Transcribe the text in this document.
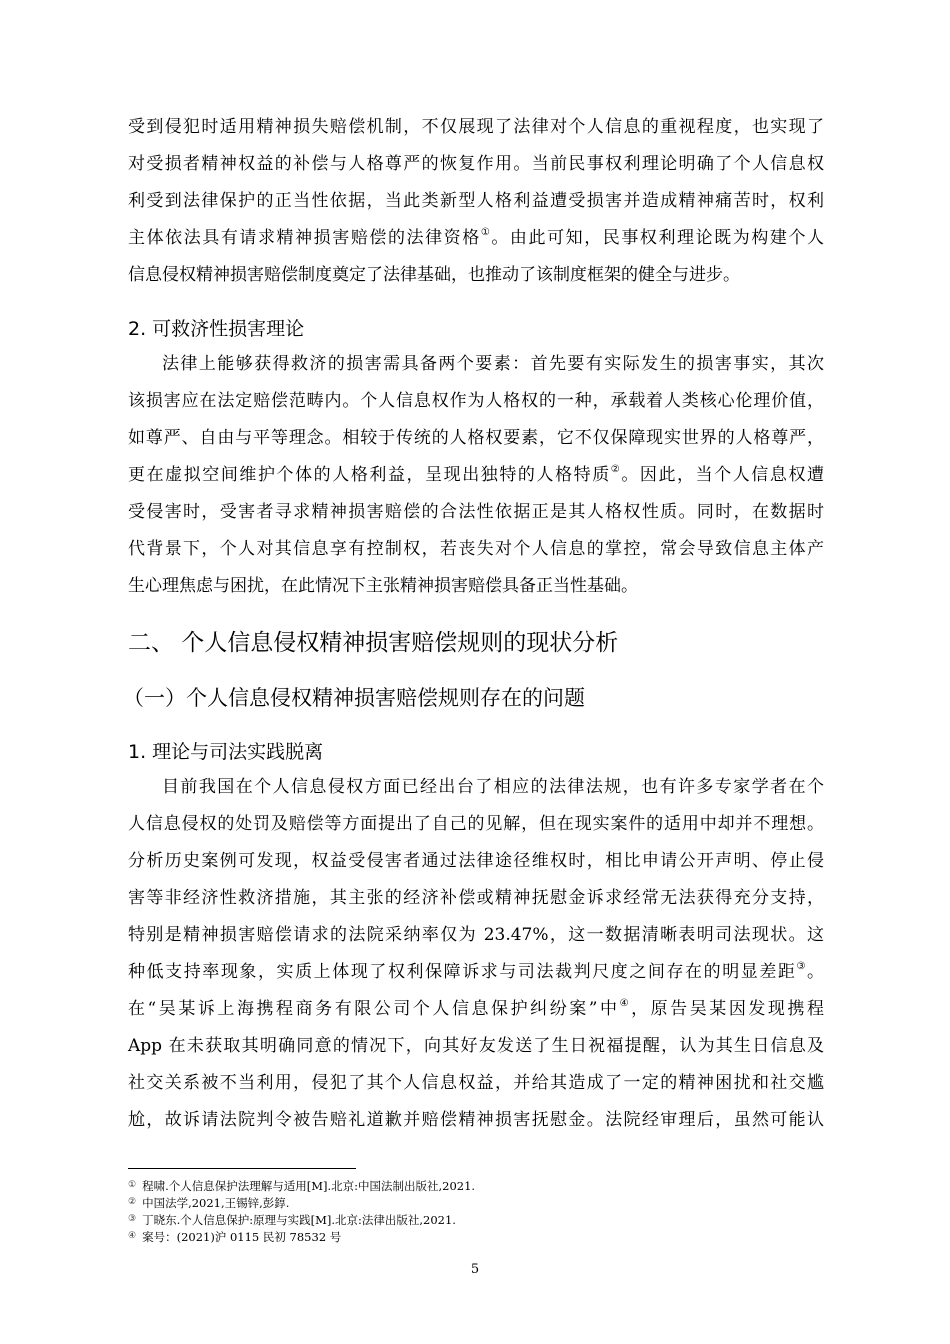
受到侵犯时适用精神损失赔偿机制，不仅展现了法律对个人信息的重视程度，也实现了
对受损者精神权益的补偿与人格尊严的恢复作用。当前民事权利理论明确了个人信息权
利受到法律保护的正当性依据，当此类新型人格利益遭受损害并造成精神痛苦时，权利
主体依法具有请求精神损害赔偿的法律资格①。由此可知，民事权利理论既为构建个人
信息侵权精神损害赔偿制度奠定了法律基础，也推动了该制度框架的健全与进步。
2. 可救济性损害理论
法律上能够获得救济的损害需具备两个要素：首先要有实际发生的损害事实，其次
该损害应在法定赔偿范畴内。个人信息权作为人格权的一种，承载着人类核心伦理价值，
如尊严、自由与平等理念。相较于传统的人格权要素，它不仅保障现实世界的人格尊严，
更在虚拟空间维护个体的人格利益，呈现出独特的人格特质②。因此，当个人信息权遭
受侵害时，受害者寻求精神损害赔偿的合法性依据正是其人格权性质。同时，在数据时
代背景下，个人对其信息享有控制权，若丧失对个人信息的掌控，常会导致信息主体产
生心理焦虑与困扰，在此情况下主张精神损害赔偿具备正当性基础。
二、 个人信息侵权精神损害赔偿规则的现状分析
（一）个人信息侵权精神损害赔偿规则存在的问题
1. 理论与司法实践脱离
目前我国在个人信息侵权方面已经出台了相应的法律法规，也有许多专家学者在个
人信息侵权的处罚及赔偿等方面提出了自己的见解，但在现实案件的适用中却并不理想。
分析历史案例可发现，权益受侵害者通过法律途径维权时，相比申请公开声明、停止侵
害等非经济性救济措施，其主张的经济补偿或精神抚慰金诉求经常无法获得充分支持，
特别是精神损害赔偿请求的法院采纳率仅为 23.47%，这一数据清晰表明司法现状。这
种低支持率现象，实质上体现了权利保障诉求与司法裁判尺度之间存在的明显差距③。
在“吴某诉上海携程商务有限公司个人信息保护纠纷案”中④，原告吴某因发现携程
App 在未获取其明确同意的情况下，向其好友发送了生日祝福提醒，认为其生日信息及
社交关系被不当利用，侵犯了其个人信息权益，并给其造成了一定的精神困扰和社交尴
尬，故诉请法院判令被告赔礼道歉并赔偿精神损害抚慰金。法院经审理后，虽然可能认
① 程啸.个人信息保护法理解与适用[M].北京:中国法制出版社,2021.
② 中国法学,2021,王锡锌,彭錞.
③ 丁晓东.个人信息保护:原理与实践[M].北京:法律出版社,2021.
④ 案号：(2021)沪 0115 民初 78532 号
5
